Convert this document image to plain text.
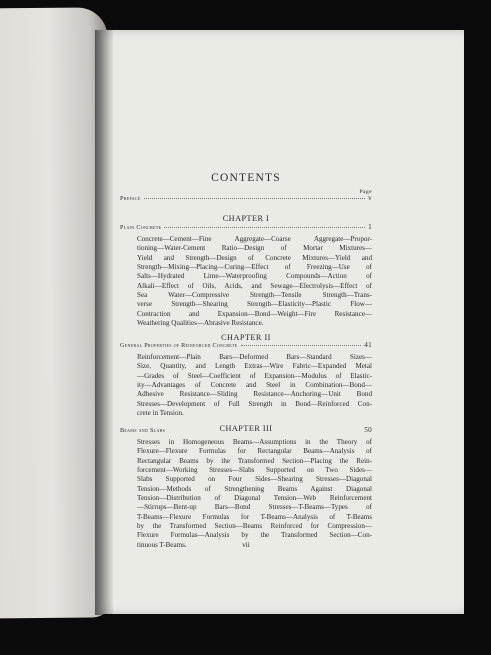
CONTENTS
Page
Preface	v
CHAPTER I
Plain Concrete	1

Concrete—Cement—Fine Aggregate—Coarse Aggregate—Propor-

tioning—Water-Cement Ratio—Design of Mortar Mixtures—

Yield and Strength—Design of Concrete Mixtures—Yield and

Strength—Mixing—Placing—Curing—Effect of Freezing—Use of

Salts—Hydrated Lime—Waterproofing Compounds—Action of

Alkali—Effect of Oils, Acids, and Sewage—Electrolysis—Effect of

Sea Water—Compressive Strength—Tensile Strength—Trans-

verse Strength—Shearing Strength—Elasticity—Plastic Flow—

Contraction and Expansion—Bond—Weight—Fire Resistance—

Weathering Qualities—Abrasive Resistance.

CHAPTER II
General Properties of Reinforced Concrete	41

Reinforcement—Plain Bars—Deformed Bars—Standard Sizes—

Size, Quantity, and Length Extras—Wire Fabric—Expanded Metal

—Grades of Steel—Coefficient of Expansion—Modulus of Elastic-

ity—Advantages of Concrete and Steel in Combination—Bond—

Adhesive Resistance—Sliding Resistance—Anchoring—Unit Bond

Stresses—Development of Full Strength in Bond—Reinforced Con-

crete in Tension.

CHAPTER III
Beams and Slabs	50

Stresses in Homogeneous Beams—Assumptions in the Theory of

Flexure—Flexure Formulas for Rectangular Beams—Analysis of

Rectangular Beams by the Transformed Section—Placing the Rein-

forcement—Working Stresses—Slabs Supported on Two Sides—

Slabs Supported on Four Sides—Shearing Stresses—Diagonal

Tension—Methods of Strengthening Beams Against Diagonal

Tension—Distribution of Diagonal Tension—Web Reinforcement

—Stirrups—Bent-up Bars—Bond Stresses—T-Beams—Types of

T-Beams—Flexure Formulas for T-Beams—Analysis of T-Beams

by the Transformed Section—Beams Reinforced for Compression—

Flexure Formulas—Analysis by the Transformed Section—Con-

tinuous T-Beams.	vii
